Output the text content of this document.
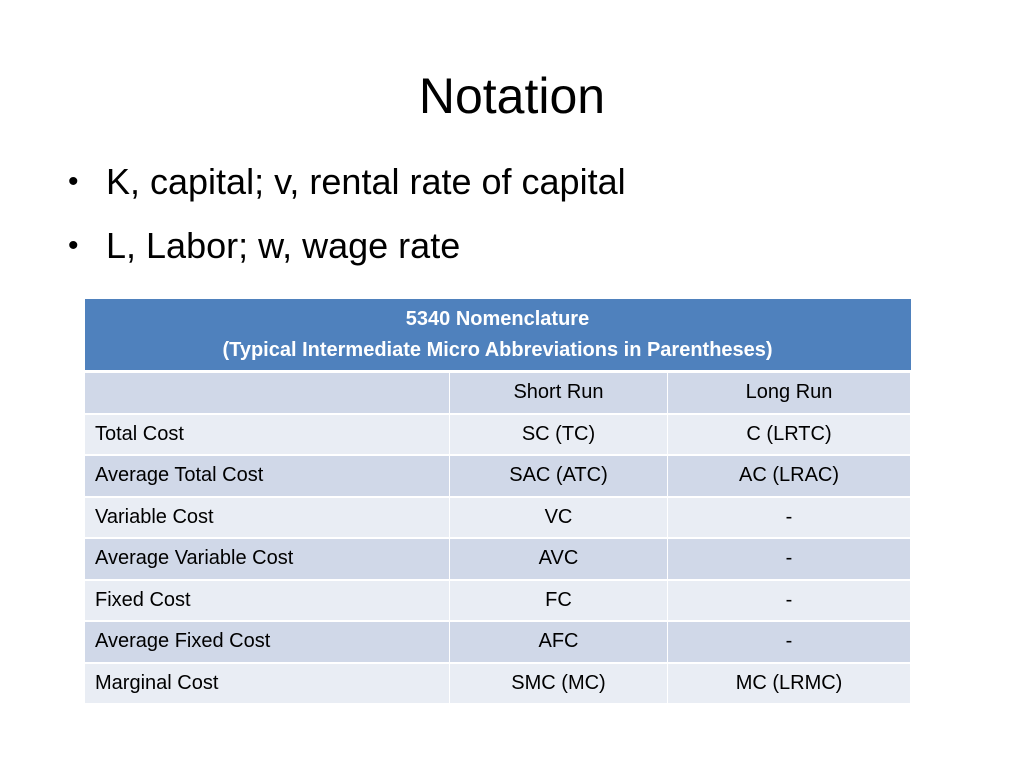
Notation
• K, capital; v, rental rate of capital
• L, Labor; w, wage rate
5340 Nomenclature
(Typical Intermediate Micro Abbreviations in Parentheses)		

	Short Run	Long Run
Total Cost	SC (TC)	C (LRTC)
Average Total Cost	SAC (ATC)	AC (LRAC)
Variable Cost	VC	-
Average Variable Cost	AVC	-
Fixed Cost	FC	-
Average Fixed Cost	AFC	-
Marginal Cost	SMC (MC)	MC (LRMC)
